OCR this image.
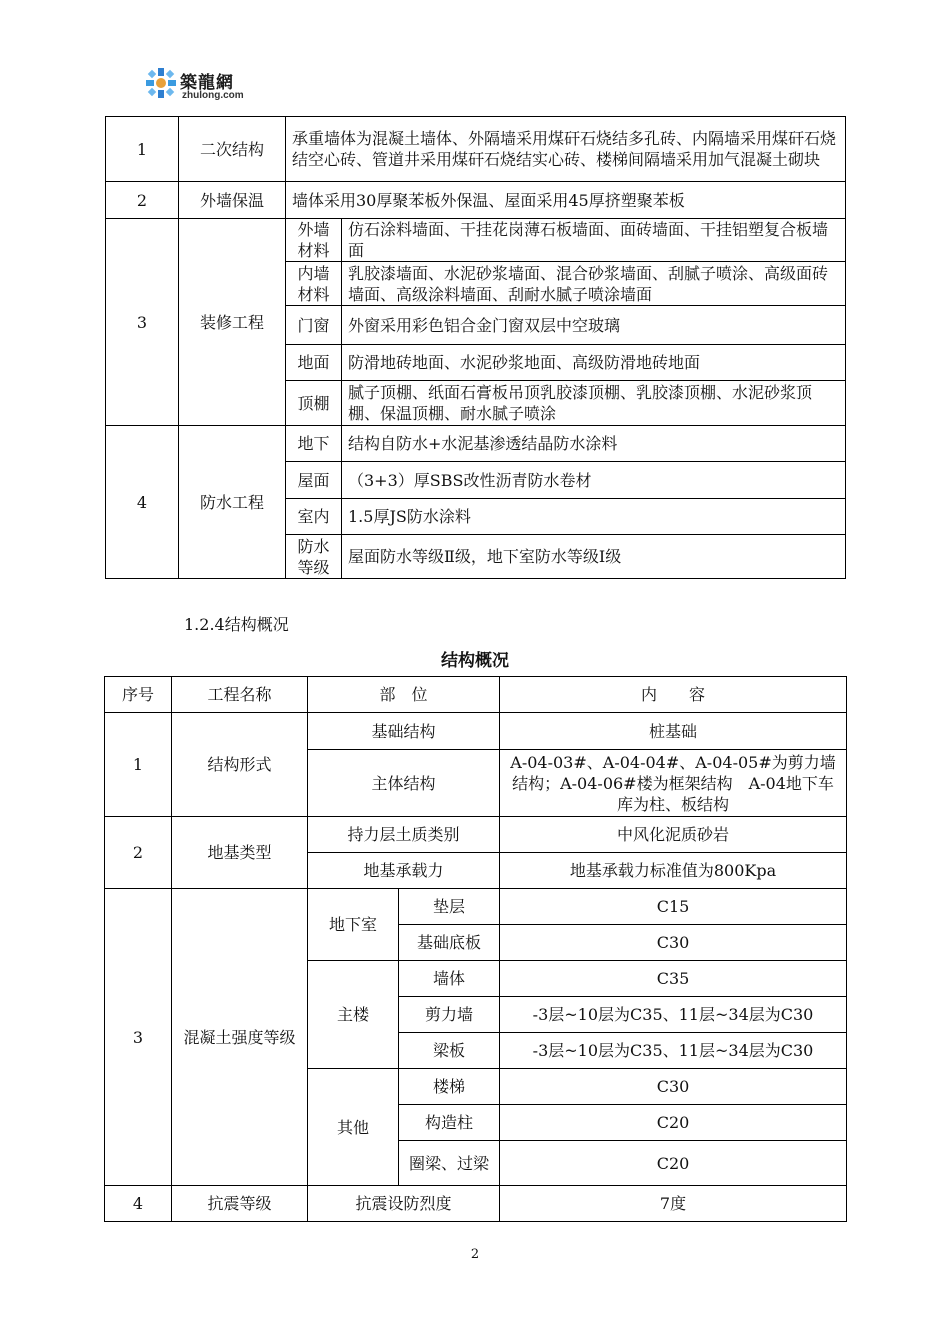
築龍網
zhulong.com
1	二次结构	承重墙体为混凝土墙体、外隔墙采用煤矸石烧结多孔砖、内隔墙采用煤矸石烧结空心砖、管道井采用煤矸石烧结实心砖、楼梯间隔墙采用加气混凝土砌块	
2	外墙保温	墙体采用30厚聚苯板外保温、屋面采用45厚挤塑聚苯板	
3	装修工程	外墙材料	仿石涂料墙面、干挂花岗薄石板墙面、面砖墙面、干挂铝塑复合板墙面
		内墙材料	乳胶漆墙面、水泥砂浆墙面、混合砂浆墙面、刮腻子喷涂、高级面砖墙面、高级涂料墙面、刮耐水腻子喷涂墙面
		门窗	外窗采用彩色铝合金门窗双层中空玻璃
		地面	防滑地砖地面、水泥砂浆地面、高级防滑地砖地面
		顶棚	腻子顶棚、纸面石膏板吊顶乳胶漆顶棚、乳胶漆顶棚、水泥砂浆顶棚、保温顶棚、耐水腻子喷涂
4	防水工程	地下	结构自防水+水泥基渗透结晶防水涂料
		屋面	（3+3）厚SBS改性沥青防水卷材
		室内	1.5厚JS防水涂料
		防水等级	屋面防水等级Ⅱ级，地下室防水等级Ⅰ级
1.2.4结构概况
结构概况
序号	工程名称	部　位		内　　容
1	结构形式	基础结构		桩基础
		主体结构		A-04-03#、A-04-04#、A-04-05#为剪力墙结构；A-04-06#楼为框架结构　A-04地下车库为柱、板结构
2	地基类型	持力层土质类别		中风化泥质砂岩
		地基承载力		地基承载力标准值为800Kpa
3	混凝土强度等级	地下室	垫层	C15
			基础底板	C30
		主楼	墙体	C35
			剪力墙	-3层~10层为C35、11层~34层为C30
			梁板	-3层~10层为C35、11层~34层为C30
		其他	楼梯	C30
			构造柱	C20
			圈梁、过梁	C20
4	抗震等级	抗震设防烈度		7度
2
